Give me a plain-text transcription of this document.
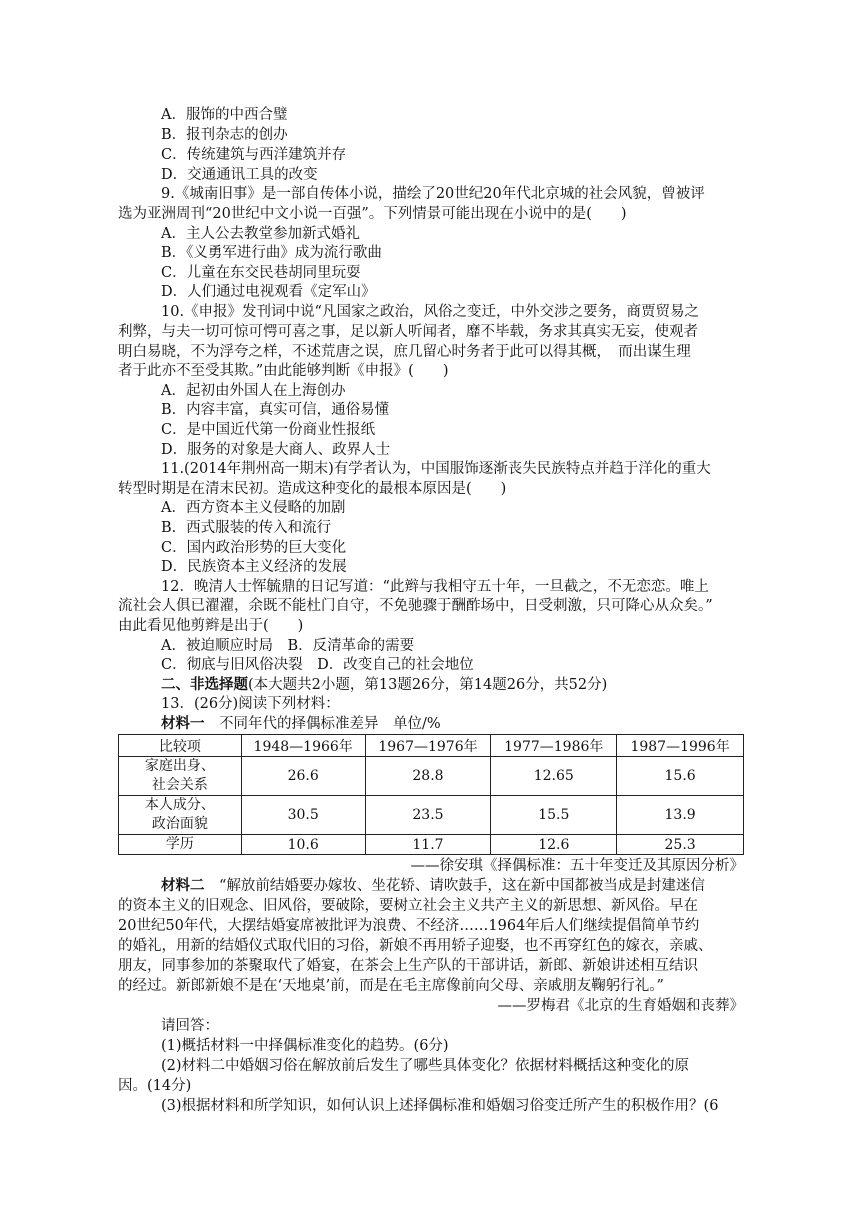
A．服饰的中西合璧
B．报刊杂志的创办
C．传统建筑与西洋建筑并存
D．交通通讯工具的改变
9.《城南旧事》是一部自传体小说，描绘了20世纪20年代北京城的社会风貌，曾被评
选为亚洲周刊“20世纪中文小说一百强”。下列情景可能出现在小说中的是(　　)
A．主人公去教堂参加新式婚礼
B．《义勇军进行曲》成为流行歌曲
C．儿童在东交民巷胡同里玩耍
D．人们通过电视观看《定军山》
10.《申报》发刊词中说“凡国家之政治，风俗之变迁，中外交涉之要务，商贾贸易之
利弊，与夫一切可惊可愕可喜之事，足以新人听闻者，靡不毕载，务求其真实无妄，使观者
明白易晓，不为浮夸之样，不述荒唐之误，庶几留心时务者于此可以得其概，　而出谋生理
者于此亦不至受其欺。”由此能够判断《申报》(　　)
A．起初由外国人在上海创办
B．内容丰富，真实可信，通俗易懂
C．是中国近代第一份商业性报纸
D．服务的对象是大商人、政界人士
11.(2014年荆州高一期末)有学者认为，中国服饰逐渐丧失民族特点并趋于洋化的重大
转型时期是在清末民初。造成这种变化的最根本原因是(　　)
A．西方资本主义侵略的加剧
B．西式服装的传入和流行
C．国内政治形势的巨大变化
D．民族资本主义经济的发展
12．晚清人士恽毓鼎的日记写道：“此辫与我相守五十年，一旦截之，不无恋恋。唯上
流社会人俱已濯濯，余既不能杜门自守，不免驰骤于酬酢场中，日受刺激，只可降心从众矣。”
由此看见他剪辫是出于(　　)
A．被迫顺应时局　B．反清革命的需要
C．彻底与旧风俗决裂　D．改变自己的社会地位
二、非选择题(本大题共2小题，第13题26分，第14题26分，共52分)
13．(26分)阅读下列材料：
材料一　不同年代的择偶标准差异　单位/%
比较项	1948—1966年	1967—1976年	1977—1986年	1987—1996年

家庭出身、
社会关系	26.6	28.8	12.65	15.6

本人成分、
政治面貌	30.5	23.5	15.5	13.9
学历	10.6	11.7	12.6	25.3
——徐安琪《择偶标准：五十年变迁及其原因分析》
材料二　“解放前结婚要办嫁妆、坐花轿、请吹鼓手，这在新中国都被当成是封建迷信
的资本主义的旧观念、旧风俗，要破除，要树立社会主义共产主义的新思想、新风俗。早在
20世纪50年代，大摆结婚宴席被批评为浪费、不经济……1964年后人们继续提倡简单节约
的婚礼，用新的结婚仪式取代旧的习俗，新娘不再用轿子迎娶，也不再穿红色的嫁衣，亲戚、
朋友，同事参加的茶聚取代了婚宴，在茶会上生产队的干部讲话，新郎、新娘讲述相互结识
的经过。新郎新娘不是在‘天地桌’前，而是在毛主席像前向父母、亲戚朋友鞠躬行礼。”
——罗梅君《北京的生育婚姻和丧葬》
请回答：
(1)概括材料一中择偶标准变化的趋势。(6分)
(2)材料二中婚姻习俗在解放前后发生了哪些具体变化？依据材料概括这种变化的原
因。(14分)
(3)根据材料和所学知识，如何认识上述择偶标准和婚姻习俗变迁所产生的积极作用？(6
